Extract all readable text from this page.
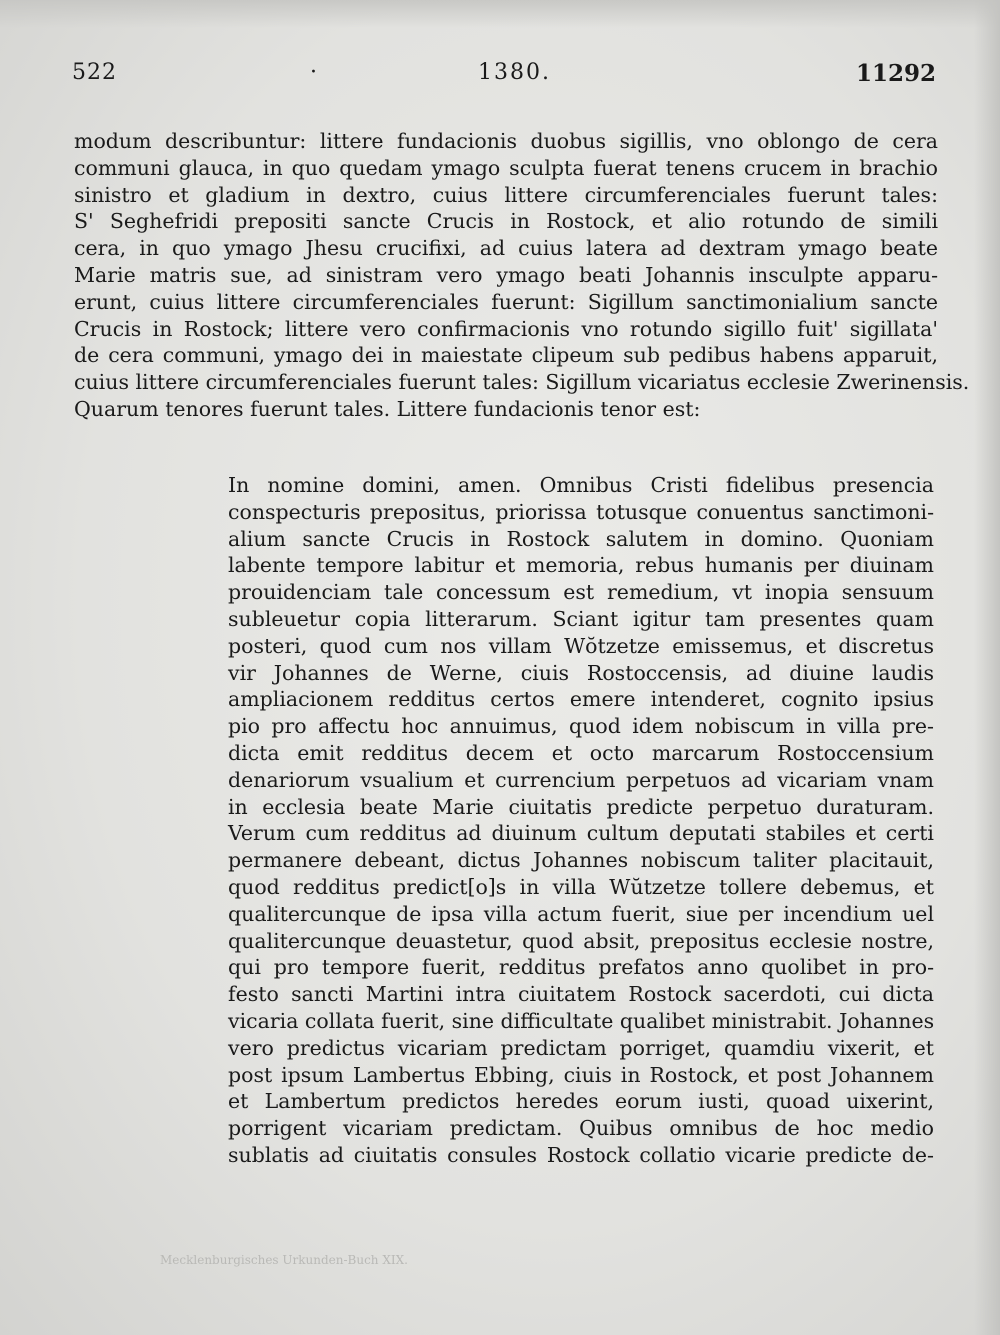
522	·	1380.	11292
modum describuntur: littere fundacionis duobus sigillis, vno oblongo de cera
communi glauca, in quo quedam ymago sculpta fuerat tenens crucem in brachio
sinistro et gladium in dextro, cuius littere circumferenciales fuerunt tales:
S' Seghefridi prepositi sancte Crucis in Rostock, et alio rotundo de simili
cera, in quo ymago Jhesu crucifixi, ad cuius latera ad dextram ymago beate
Marie matris sue, ad sinistram vero ymago beati Johannis insculpte apparu-
erunt, cuius littere circumferenciales fuerunt: Sigillum sanctimonialium sancte
Crucis in Rostock; littere vero confirmacionis vno rotundo sigillo fuit' sigillata'
de cera communi, ymago dei in maiestate clipeum sub pedibus habens apparuit,
cuius littere circumferenciales fuerunt tales: Sigillum vicariatus ecclesie Zwerinensis.
Quarum tenores fuerunt tales. Littere fundacionis tenor est:
In nomine domini, amen. Omnibus Cristi fidelibus presencia
conspecturis prepositus, priorissa totusque conuentus sanctimoni-
alium sancte Crucis in Rostock salutem in domino. Quoniam
labente tempore labitur et memoria, rebus humanis per diuinam
prouidenciam tale concessum est remedium, vt inopia sensuum
subleuetur copia litterarum. Sciant igitur tam presentes quam
posteri, quod cum nos villam Wŏtzetze emissemus, et discretus
vir Johannes de Werne, ciuis Rostoccensis, ad diuine laudis
ampliacionem redditus certos emere intenderet, cognito ipsius
pio pro affectu hoc annuimus, quod idem nobiscum in villa pre-
dicta emit redditus decem et octo marcarum Rostoccensium
denariorum vsualium et currencium perpetuos ad vicariam vnam
in ecclesia beate Marie ciuitatis predicte perpetuo duraturam.
Verum cum redditus ad diuinum cultum deputati stabiles et certi
permanere debeant, dictus Johannes nobiscum taliter placitauit,
quod redditus predict[o]s in villa Wŭtzetze tollere debemus, et
qualitercunque de ipsa villa actum fuerit, siue per incendium uel
qualitercunque deuastetur, quod absit, prepositus ecclesie nostre,
qui pro tempore fuerit, redditus prefatos anno quolibet in pro-
festo sancti Martini intra ciuitatem Rostock sacerdoti, cui dicta
vicaria collata fuerit, sine difficultate qualibet ministrabit. Johannes
vero predictus vicariam predictam porriget, quamdiu vixerit, et
post ipsum Lambertus Ebbing, ciuis in Rostock, et post Johannem
et Lambertum predictos heredes eorum iusti, quoad uixerint,
porrigent vicariam predictam. Quibus omnibus de hoc medio
sublatis ad ciuitatis consules Rostock collatio vicarie predicte de-
Mecklenburgisches Urkunden-Buch XIX.
